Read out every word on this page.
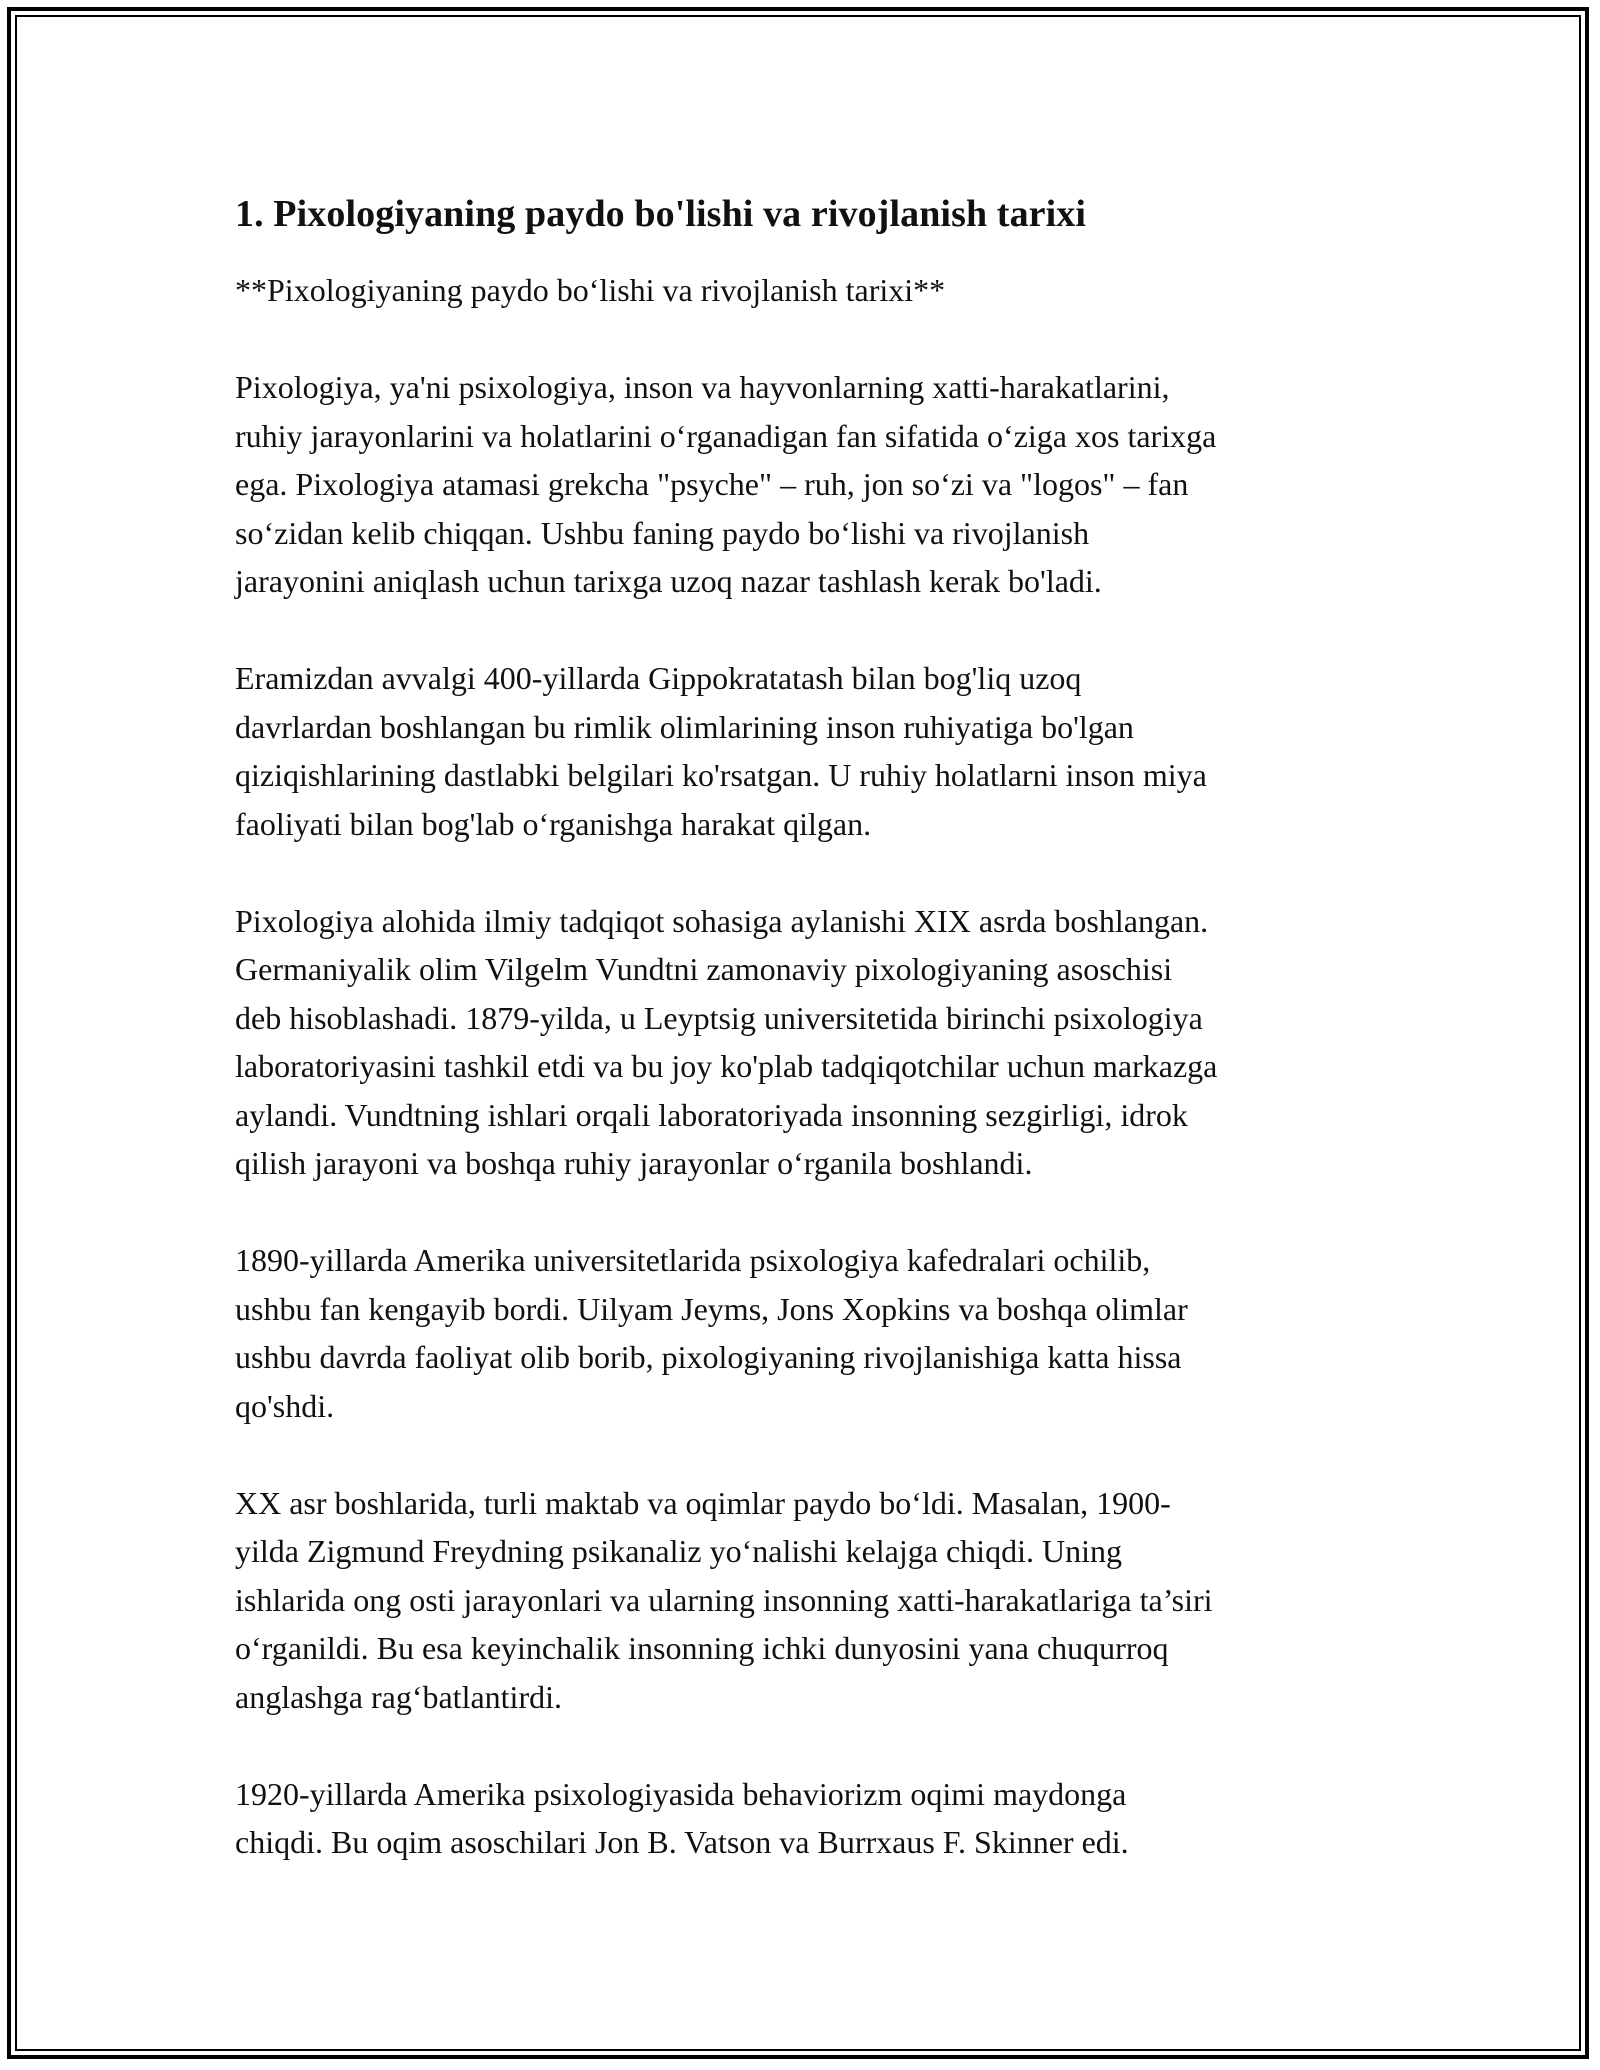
1. Pixologiyaning paydo bo'lishi va rivojlanish tarixi

**Pixologiyaning paydo bo‘lishi va rivojlanish tarixi**

Pixologiya, ya'ni psixologiya, inson va hayvonlarning xatti-harakatlarini,
ruhiy jarayonlarini va holatlarini o‘rganadigan fan sifatida o‘ziga xos tarixga
ega. Pixologiya atamasi grekcha "psyche" – ruh, jon so‘zi va "logos" – fan
so‘zidan kelib chiqqan. Ushbu faning paydo bo‘lishi va rivojlanish
jarayonini aniqlash uchun tarixga uzoq nazar tashlash kerak bo'ladi.

Eramizdan avvalgi 400-yillarda Gippokratatash bilan bog'liq uzoq
davrlardan boshlangan bu rimlik olimlarining inson ruhiyatiga bo'lgan
qiziqishlarining dastlabki belgilari ko'rsatgan. U ruhiy holatlarni inson miya
faoliyati bilan bog'lab o‘rganishga harakat qilgan.

Pixologiya alohida ilmiy tadqiqot sohasiga aylanishi XIX asrda boshlangan.
Germaniyalik olim Vilgelm Vundtni zamonaviy pixologiyaning asoschisi
deb hisoblashadi. 1879-yilda, u Leyptsig universitetida birinchi psixologiya
laboratoriyasini tashkil etdi va bu joy ko'plab tadqiqotchilar uchun markazga
aylandi. Vundtning ishlari orqali laboratoriyada insonning sezgirligi, idrok
qilish jarayoni va boshqa ruhiy jarayonlar o‘rganila boshlandi.

1890-yillarda Amerika universitetlarida psixologiya kafedralari ochilib,
ushbu fan kengayib bordi. Uilyam Jeyms, Jons Xopkins va boshqa olimlar
ushbu davrda faoliyat olib borib, pixologiyaning rivojlanishiga katta hissa
qo'shdi.

XX asr boshlarida, turli maktab va oqimlar paydo bo‘ldi. Masalan, 1900-
yilda Zigmund Freydning psikanaliz yo‘nalishi kelajga chiqdi. Uning
ishlarida ong osti jarayonlari va ularning insonning xatti-harakatlariga ta’siri
o‘rganildi. Bu esa keyinchalik insonning ichki dunyosini yana chuqurroq
anglashga rag‘batlantirdi.

1920-yillarda Amerika psixologiyasida behaviorizm oqimi maydonga
chiqdi. Bu oqim asoschilari Jon B. Vatson va Burrxaus F. Skinner edi.
